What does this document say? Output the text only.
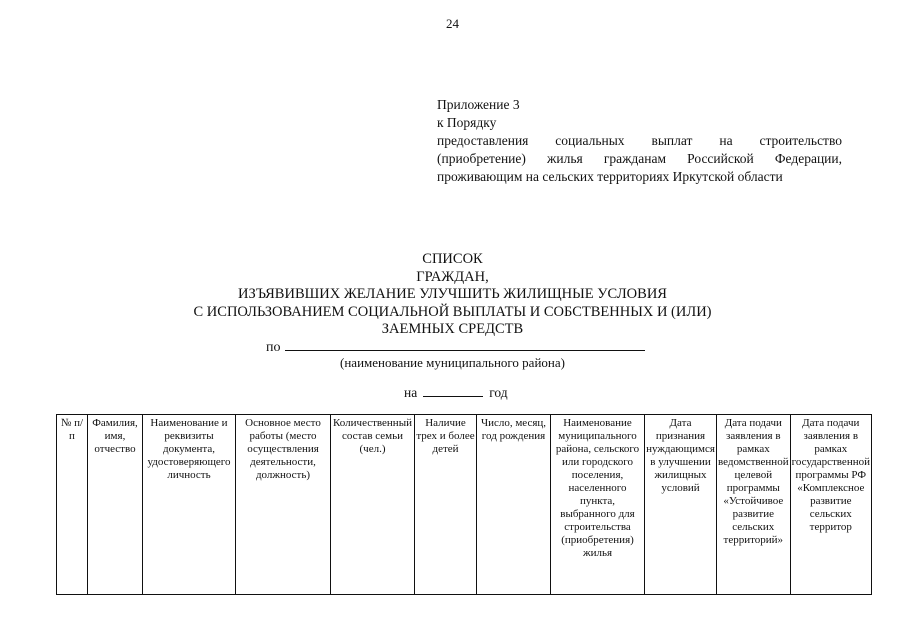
24
Приложение 3
к Порядку
предоставления социальных выплат на строительство
(приобретение) жилья гражданам Российской Федерации,
проживающим на сельских территориях Иркутской области
СПИСОК
ГРАЖДАН,
ИЗЪЯВИВШИХ ЖЕЛАНИЕ УЛУЧШИТЬ ЖИЛИЩНЫЕ УСЛОВИЯ
С ИСПОЛЬЗОВАНИЕМ СОЦИАЛЬНОЙ ВЫПЛАТЫ И СОБСТВЕННЫХ И (ИЛИ)
ЗАЕМНЫХ СРЕДСТВ
по
(наименование муниципального района)
на	год
№ п/п	Фамилия, имя, отчество	Наименование и реквизиты документа, удостоверяющего личность	Основное место работы (место осуществления деятельности, должность)	Количественный состав семьи (чел.)	Наличие трех и более детей	Число, месяц, год рождения	Наименование муниципального района, сельского или городского поселения, населенного пункта, выбранного для строительства (приобретения) жилья	Дата признания нуждающимся в улучшении жилищных условий	Дата подачи заявления в рамках ведомственной целевой программы «Устойчивое развитие сельских территорий»	Дата подачи заявления в рамках государственной программы РФ «Комплексное развитие сельских территор
